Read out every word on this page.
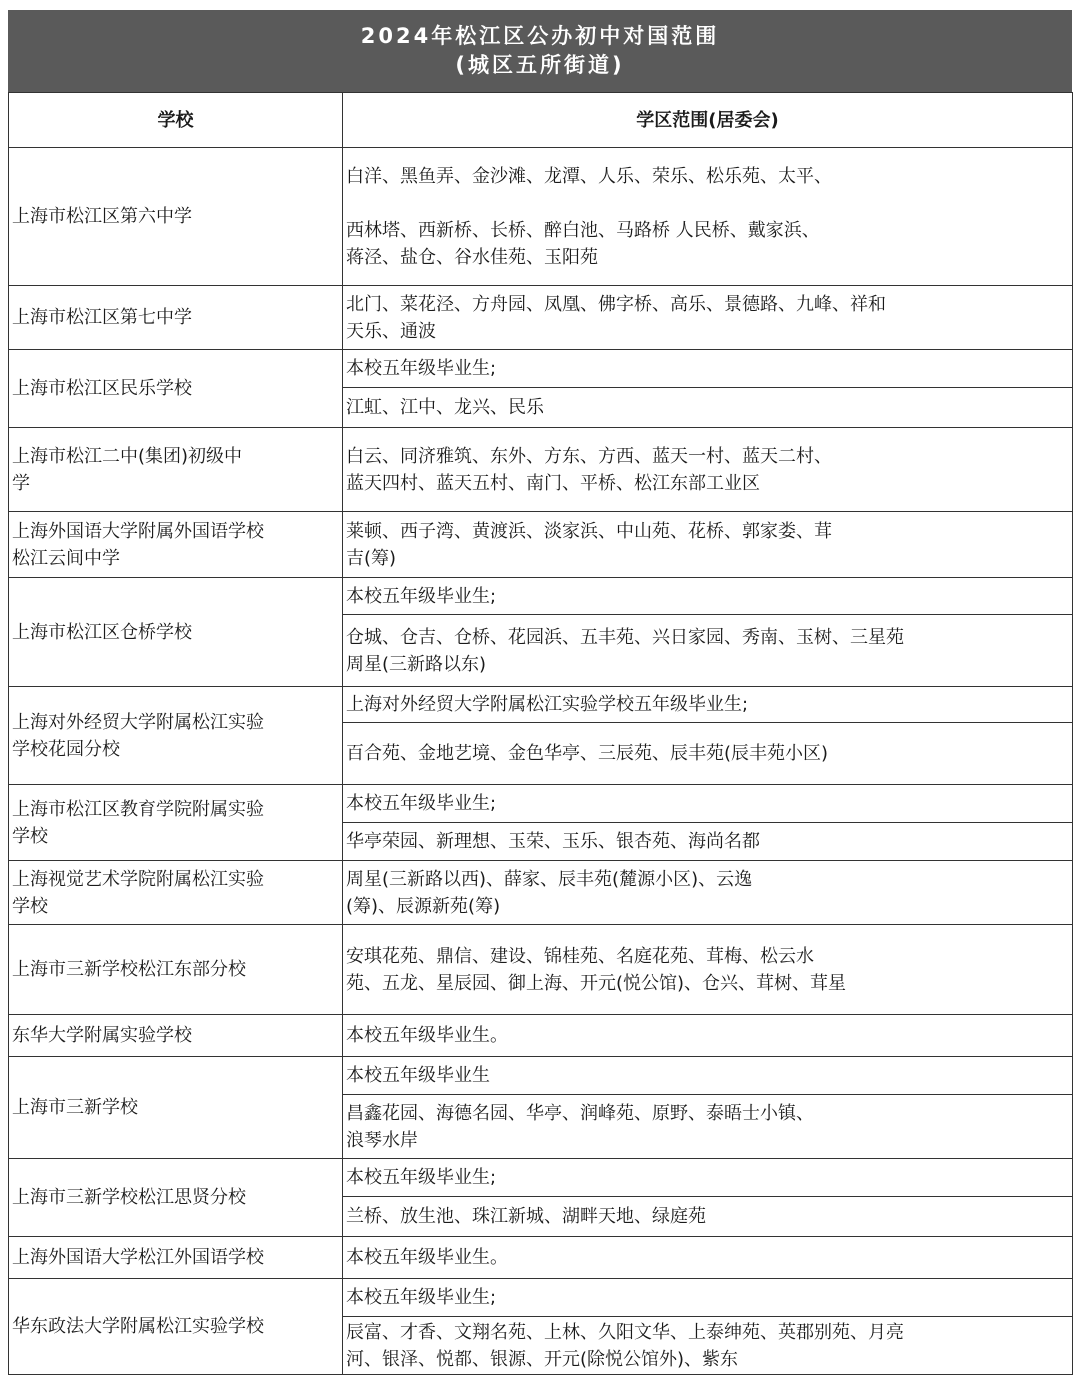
2024年松江区公办初中对国范围
(城区五所街道)
学校	学区范围(居委会)
上海市松江区第六中学	白洋、黑鱼弄、金沙滩、龙潭、人乐、荣乐、松乐苑、太平、

西林塔、西新桥、长桥、醉白池、马路桥 人民桥、戴家浜、
蒋泾、盐仓、谷水佳苑、玉阳苑

上海市松江区第七中学	北门、菜花泾、方舟园、凤凰、佛字桥、高乐、景德路、九峰、祥和
天乐、通波

上海市松江区民乐学校	本校五年级毕业生;

	江虹、江中、龙兴、民乐

上海市松江二中(集团)初级中
学	白云、同济雅筑、东外、方东、方西、蓝天一村、蓝天二村、
蓝天四村、蓝天五村、南门、平桥、松江东部工业区

上海外国语大学附属外国语学校
松江云间中学	莱顿、西子湾、黄渡浜、淡家浜、中山苑、花桥、郭家娄、茸
吉(筹)

上海市松江区仓桥学校	本校五年级毕业生;

	仓城、仓吉、仓桥、花园浜、五丰苑、兴日家园、秀南、玉树、三星苑
周星(三新路以东)

上海对外经贸大学附属松江实验
学校花园分校	上海对外经贸大学附属松江实验学校五年级毕业生;

	百合苑、金地艺境、金色华亭、三辰苑、辰丰苑(辰丰苑小区)

上海市松江区教育学院附属实验
学校	本校五年级毕业生;

	华亭荣园、新理想、玉荣、玉乐、银杏苑、海尚名都

上海视觉艺术学院附属松江实验
学校	周星(三新路以西)、薛家、辰丰苑(麓源小区)、云逸
(筹)、辰源新苑(筹)

上海市三新学校松江东部分校	安琪花苑、鼎信、建设、锦桂苑、名庭花苑、茸梅、松云水
苑、五龙、星辰园、御上海、开元(悦公馆)、仓兴、茸树、茸星

东华大学附属实验学校	本校五年级毕业生。

上海市三新学校	本校五年级毕业生

	昌鑫花园、海德名园、华亭、润峰苑、原野、泰晤士小镇、
浪琴水岸

上海市三新学校松江思贤分校	本校五年级毕业生;

	兰桥、放生池、珠江新城、湖畔天地、绿庭苑

上海外国语大学松江外国语学校	本校五年级毕业生。

华东政法大学附属松江实验学校	本校五年级毕业生;

	辰富、才香、文翔名苑、上林、久阳文华、上泰绅苑、英郡别苑、月亮
河、银泽、悦都、银源、开元(除悦公馆外)、紫东
